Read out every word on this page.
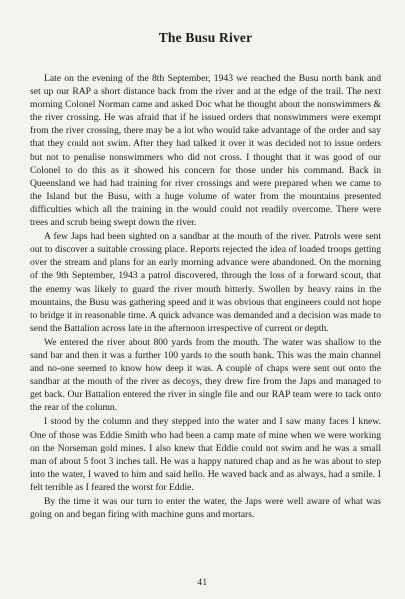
The Busu River

Late on the evening of the 8th September, 1943 we reached the Busu north bank and set up our RAP a short distance back from the river and at the edge of the trail. The next morning Colonel Norman came and asked Doc what he thought about the nonswimmers & the river crossing. He was afraid that if he issued orders that nonswimmers were exempt from the river crossing, there may be a lot who would take advantage of the order and say that they could not swim. After they had talked it over it was decided not to issue orders but not to penalise nonswimmers who did not cross. I thought that it was good of our Colonel to do this as it showed his concern for those under his command. Back in Queensland we had had training for river crossings and were prepared when we came to the Island but the Busu, with a huge volume of water from the mountains presented difficulties which all the training in the would could not readily overcome. There were trees and scrub being swept down the river.

A few Japs had been sighted on a sandbar at the mouth of the river. Patrols were sent out to discover a suitable crossing place. Reports rejected the idea of loaded troops getting over the stream and plans for an early morning advance were abandoned. On the morning of the 9th September, 1943 a patrol discovered, through the loss of a forward scout, that the enemy was likely to guard the river mouth bitterly. Swollen by heavy rains in the mountains, the Busu was gathering speed and it was obvious that engineers could not hope to bridge it in reasonable time. A quick advance was demanded and a decision was made to send the Battalion across late in the afternoon irrespective of current or depth.

We entered the river about 800 yards from the mouth. The water was shallow to the sand bar and then it was a further 100 yards to the south bank. This was the main channel and no-one seemed to know how deep it was. A couple of chaps were sent out onto the sandbar at the mouth of the river as decoys, they drew fire from the Japs and managed to get back. Our Battalion entered the river in single file and our RAP team were to tack onto the rear of the column.

I stood by the column and they stepped into the water and I saw many faces I knew. One of those was Eddie Smith who had been a camp mate of mine when we were working on the Norseman gold mines. I also knew that Eddie could not swim and he was a small man of about 5 foot 3 inches tall. He was a happy natured chap and as he was about to step into the water, I waved to him and said hello. He waved back and as always, had a smile. I felt terrible as I feared the worst for Eddie.

By the time it was our turn to enter the water, the Japs were well aware of what was going on and began firing with machine guns and mortars.

41
